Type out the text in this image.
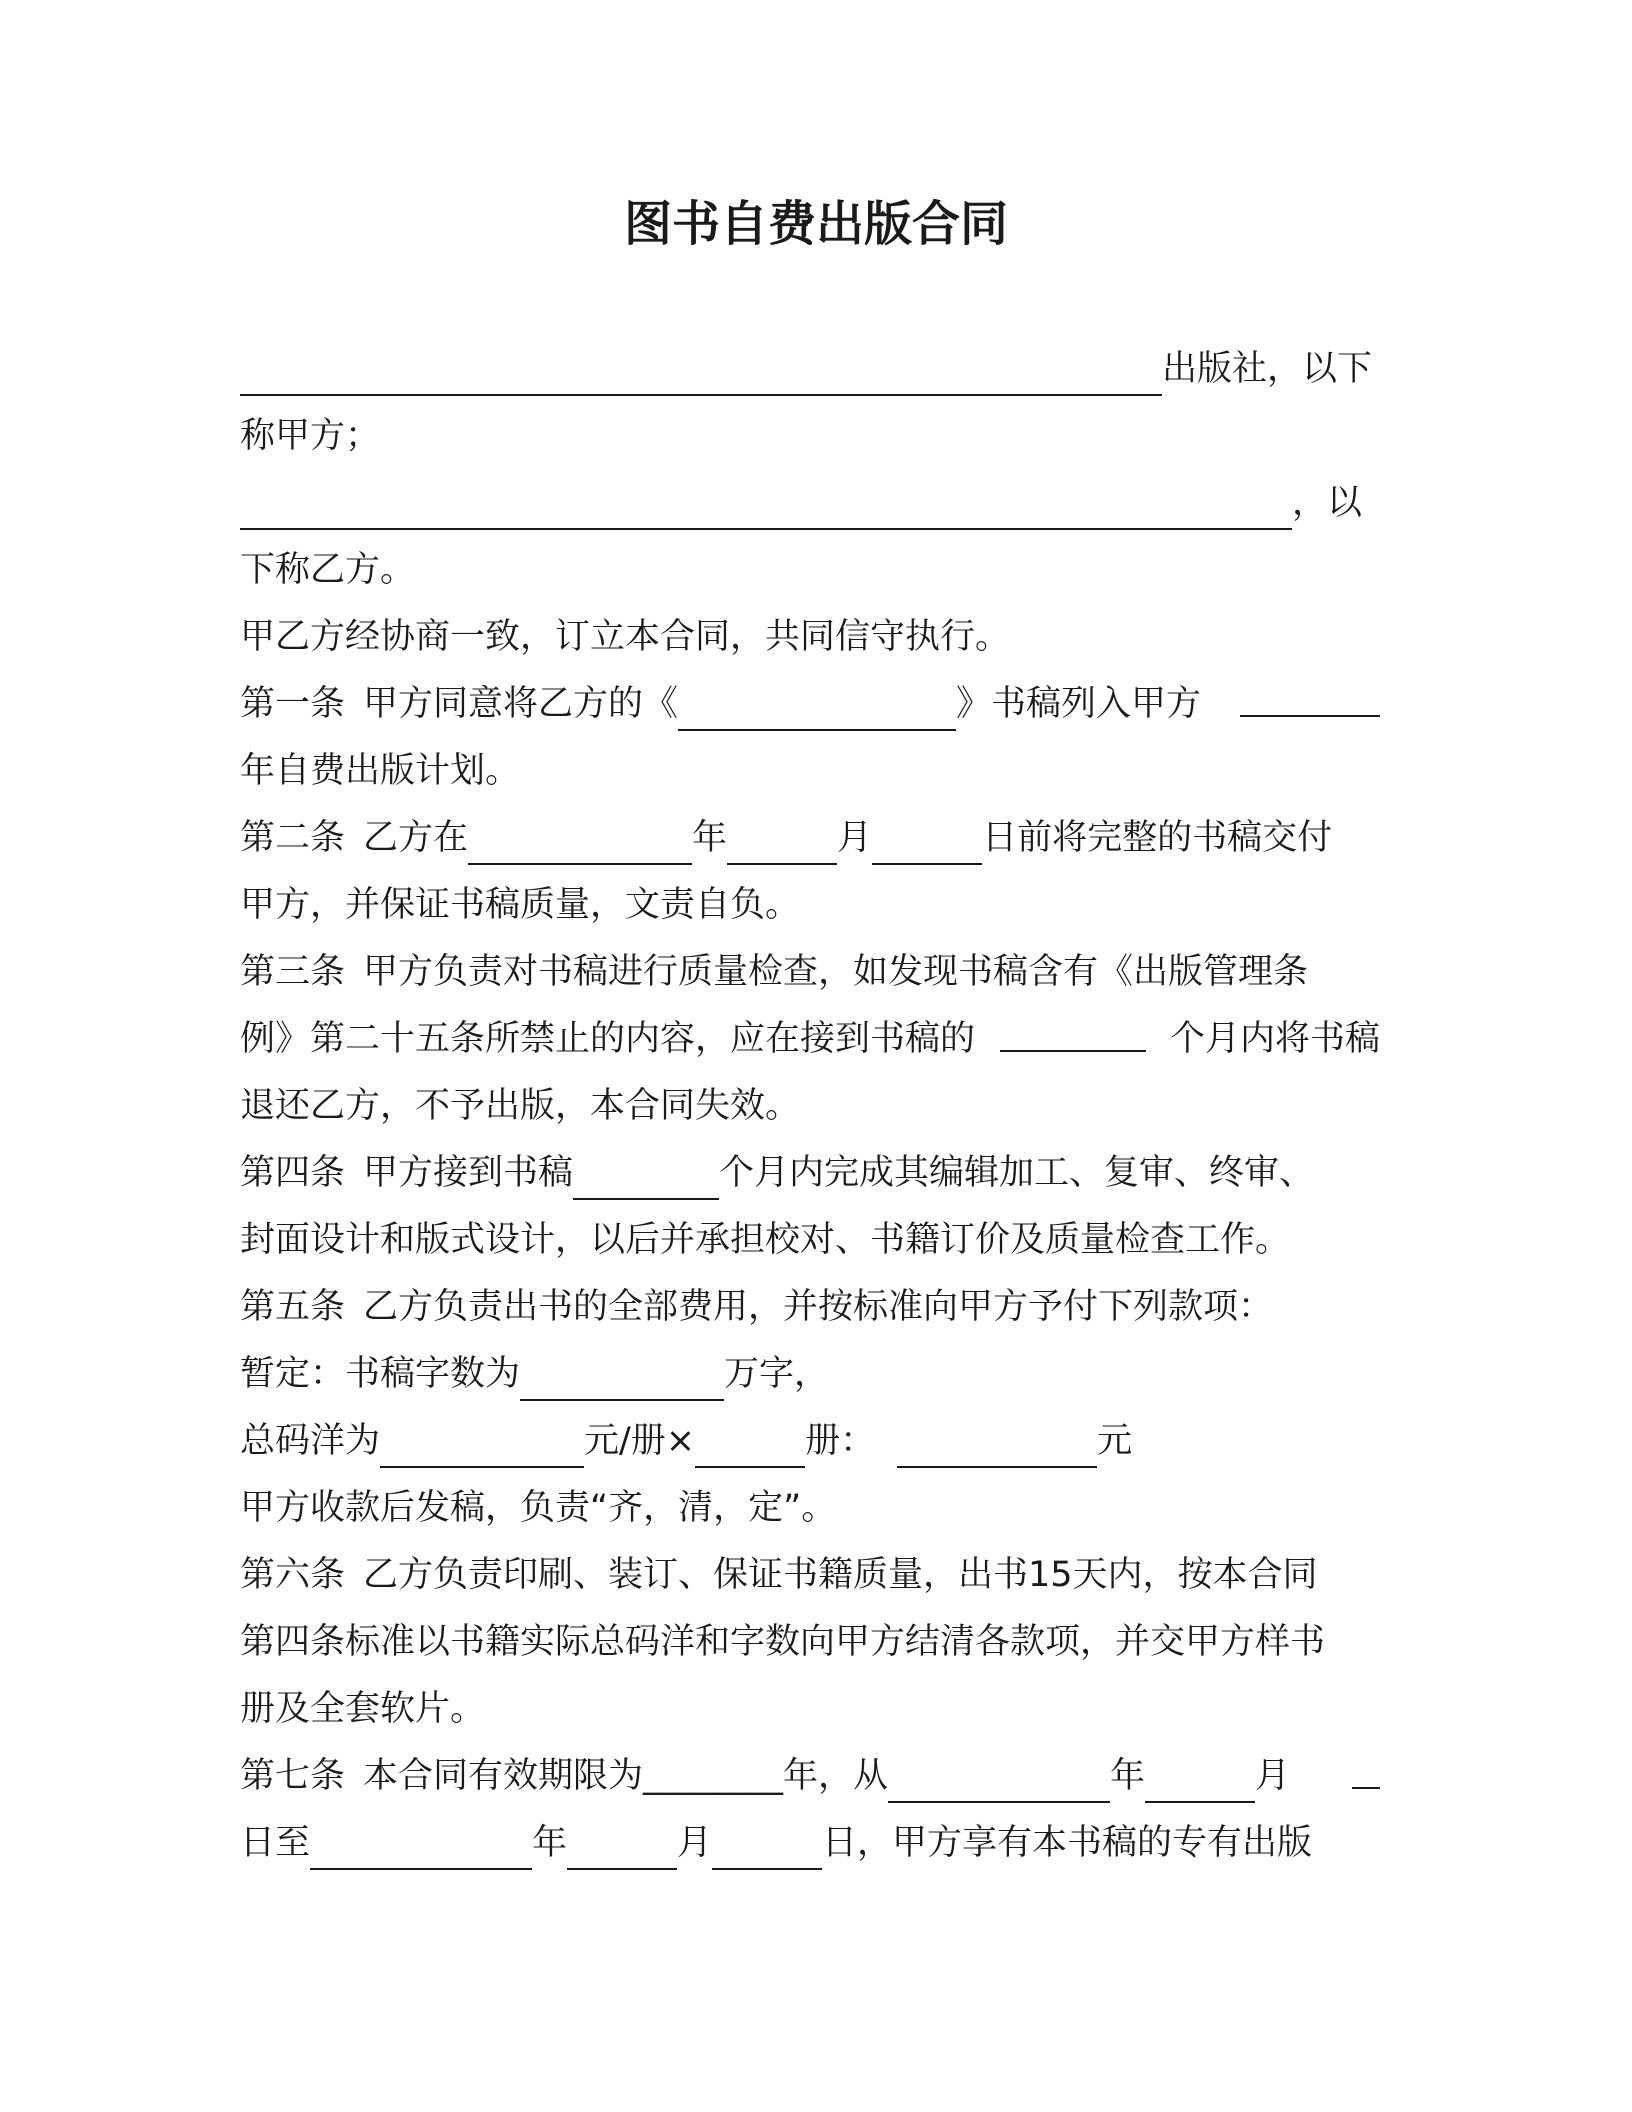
图书自费出版合同
出版社，以下
称甲方；
，以
下称乙方。
甲乙方经协商一致，订立本合同，共同信守执行。
第一条 甲方同意将乙方的《	》书稿列入甲方
年自费出版计划。
第二条 乙方在	年	月	日前将完整的书稿交付
甲方，并保证书稿质量，文责自负。
第三条 甲方负责对书稿进行质量检查，如发现书稿含有《出版管理条
例》第二十五条所禁止的内容，应在接到书稿的	个月内将书稿
退还乙方，不予出版，本合同失效。
第四条 甲方接到书稿	个月内完成其编辑加工、复审、终审、
封面设计和版式设计，以后并承担校对、书籍订价及质量检查工作。
第五条 乙方负责出书的全部费用，并按标准向甲方予付下列款项：
暂定：书稿字数为	万字，
总码洋为	元/册×	册：	元
甲方收款后发稿，负责“齐，清，定”。
第六条 乙方负责印刷、装订、保证书籍质量，出书15天内，按本合同
第四条标准以书籍实际总码洋和字数向甲方结清各款项，并交甲方样书
册及全套软片。
第七条 本合同有效期限为________年，从	年	月
日至	年	月	日，甲方享有本书稿的专有出版
